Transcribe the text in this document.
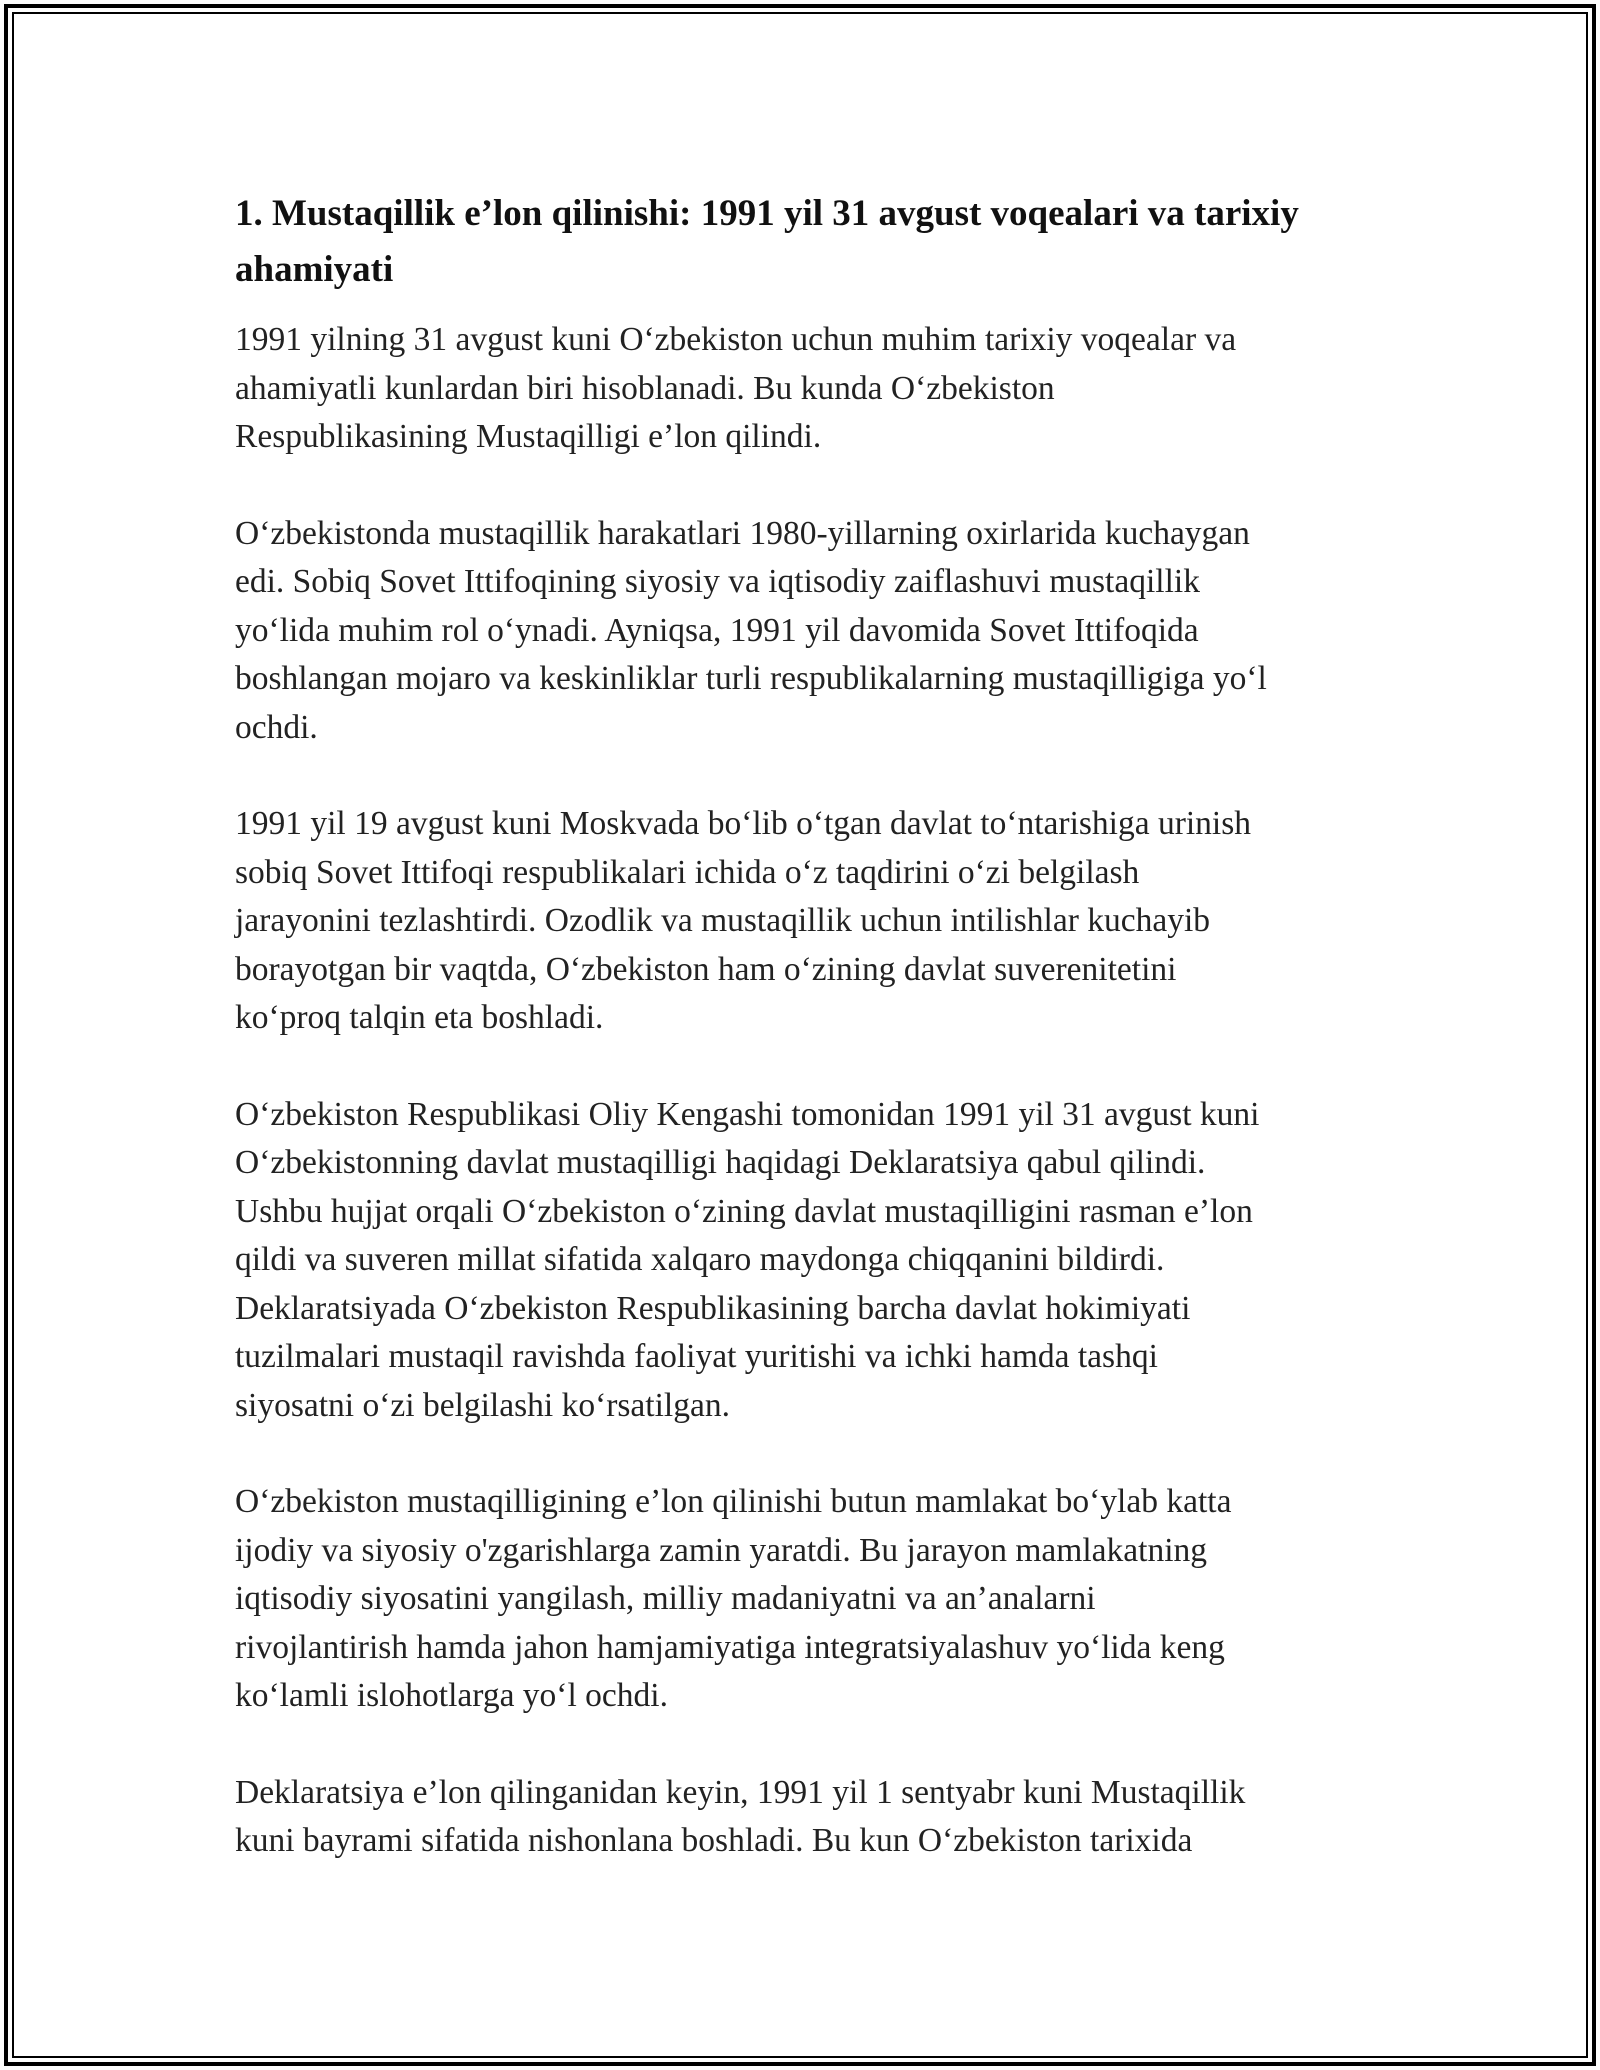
1. Mustaqillik e’lon qilinishi: 1991 yil 31 avgust voqealari va tarixiy ahamiyati

1991 yilning 31 avgust kuni O‘zbekiston uchun muhim tarixiy voqealar va
ahamiyatli kunlardan biri hisoblanadi. Bu kunda O‘zbekiston
Respublikasining Mustaqilligi e’lon qilindi.

O‘zbekistonda mustaqillik harakatlari 1980-yillarning oxirlarida kuchaygan
edi. Sobiq Sovet Ittifoqining siyosiy va iqtisodiy zaiflashuvi mustaqillik
yo‘lida muhim rol o‘ynadi. Ayniqsa, 1991 yil davomida Sovet Ittifoqida
boshlangan mojaro va keskinliklar turli respublikalarning mustaqilligiga yo‘l
ochdi.

1991 yil 19 avgust kuni Moskvada bo‘lib o‘tgan davlat to‘ntarishiga urinish
sobiq Sovet Ittifoqi respublikalari ichida o‘z taqdirini o‘zi belgilash
jarayonini tezlashtirdi. Ozodlik va mustaqillik uchun intilishlar kuchayib
borayotgan bir vaqtda, O‘zbekiston ham o‘zining davlat suverenitetini
ko‘proq talqin eta boshladi.

O‘zbekiston Respublikasi Oliy Kengashi tomonidan 1991 yil 31 avgust kuni
O‘zbekistonning davlat mustaqilligi haqidagi Deklaratsiya qabul qilindi.
Ushbu hujjat orqali O‘zbekiston o‘zining davlat mustaqilligini rasman e’lon
qildi va suveren millat sifatida xalqaro maydonga chiqqanini bildirdi.
Deklaratsiyada O‘zbekiston Respublikasining barcha davlat hokimiyati
tuzilmalari mustaqil ravishda faoliyat yuritishi va ichki hamda tashqi
siyosatni o‘zi belgilashi ko‘rsatilgan.

O‘zbekiston mustaqilligining e’lon qilinishi butun mamlakat bo‘ylab katta
ijodiy va siyosiy o'zgarishlarga zamin yaratdi. Bu jarayon mamlakatning
iqtisodiy siyosatini yangilash, milliy madaniyatni va an’analarni
rivojlantirish hamda jahon hamjamiyatiga integratsiyalashuv yo‘lida keng
ko‘lamli islohotlarga yo‘l ochdi.

Deklaratsiya e’lon qilinganidan keyin, 1991 yil 1 sentyabr kuni Mustaqillik
kuni bayrami sifatida nishonlana boshladi. Bu kun O‘zbekiston tarixida
